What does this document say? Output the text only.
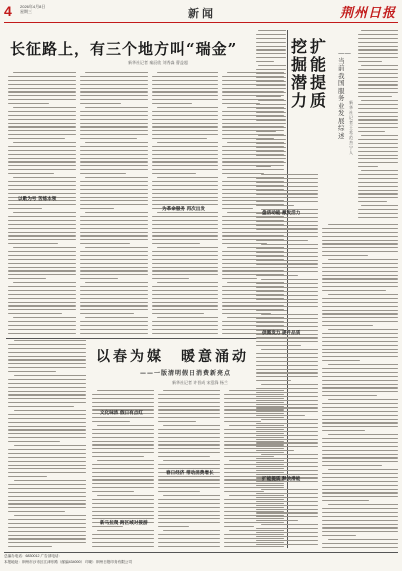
4 2026年4月8日
星期三	新闻	荆州日报
长征路上，有三个地方叫“瑞金”
新华社记者 秦辰欣 刘秀淼 曹益超
以歌为号 苦练本领
为革命服务 再次出发
以春为媒　暖意涌动
——一版清明假日消费新亮点
新华社记者 许晋成 宋泓锋 杨兰
文化味浓 假日有点红
春日经济 带动消费增长
新马拉爬 跨区域对接游
挖掘潜力
扩能提质
——当前我国服务业发展综述
新华社记者 王希 范杰 宁人
盘活动能 激发活力
供需发力 提升品质
扩能提质 释放潜能
总编办电话：6830012 广告部电话：
本报地址：荆州市沙市区江津东路（邮编434000） 印刷：荆州日报印务有限公司
